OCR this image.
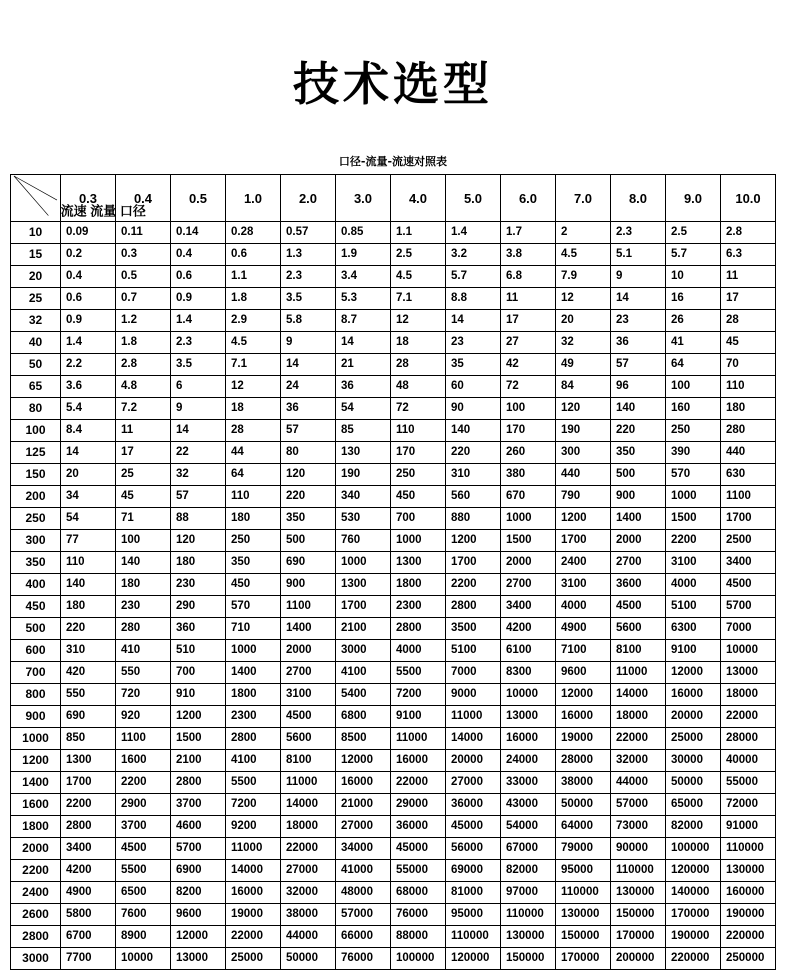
技术选型
口径-流量-流速对照表
流速 流量 口径	0.3	0.4	0.5	1.0	2.0	3.0	4.0	5.0	6.0	7.0	8.0	9.0	10.0
10	0.09	0.11	0.14	0.28	0.57	0.85	1.1	1.4	1.7	2	2.3	2.5	2.8
15	0.2	0.3	0.4	0.6	1.3	1.9	2.5	3.2	3.8	4.5	5.1	5.7	6.3
20	0.4	0.5	0.6	1.1	2.3	3.4	4.5	5.7	6.8	7.9	9	10	11
25	0.6	0.7	0.9	1.8	3.5	5.3	7.1	8.8	11	12	14	16	17
32	0.9	1.2	1.4	2.9	5.8	8.7	12	14	17	20	23	26	28
40	1.4	1.8	2.3	4.5	9	14	18	23	27	32	36	41	45
50	2.2	2.8	3.5	7.1	14	21	28	35	42	49	57	64	70
65	3.6	4.8	6	12	24	36	48	60	72	84	96	100	110
80	5.4	7.2	9	18	36	54	72	90	100	120	140	160	180
100	8.4	11	14	28	57	85	110	140	170	190	220	250	280
125	14	17	22	44	80	130	170	220	260	300	350	390	440
150	20	25	32	64	120	190	250	310	380	440	500	570	630
200	34	45	57	110	220	340	450	560	670	790	900	1000	1100
250	54	71	88	180	350	530	700	880	1000	1200	1400	1500	1700
300	77	100	120	250	500	760	1000	1200	1500	1700	2000	2200	2500
350	110	140	180	350	690	1000	1300	1700	2000	2400	2700	3100	3400
400	140	180	230	450	900	1300	1800	2200	2700	3100	3600	4000	4500
450	180	230	290	570	1100	1700	2300	2800	3400	4000	4500	5100	5700
500	220	280	360	710	1400	2100	2800	3500	4200	4900	5600	6300	7000
600	310	410	510	1000	2000	3000	4000	5100	6100	7100	8100	9100	10000
700	420	550	700	1400	2700	4100	5500	7000	8300	9600	11000	12000	13000
800	550	720	910	1800	3100	5400	7200	9000	10000	12000	14000	16000	18000
900	690	920	1200	2300	4500	6800	9100	11000	13000	16000	18000	20000	22000
1000	850	1100	1500	2800	5600	8500	11000	14000	16000	19000	22000	25000	28000
1200	1300	1600	2100	4100	8100	12000	16000	20000	24000	28000	32000	30000	40000
1400	1700	2200	2800	5500	11000	16000	22000	27000	33000	38000	44000	50000	55000
1600	2200	2900	3700	7200	14000	21000	29000	36000	43000	50000	57000	65000	72000
1800	2800	3700	4600	9200	18000	27000	36000	45000	54000	64000	73000	82000	91000
2000	3400	4500	5700	11000	22000	34000	45000	56000	67000	79000	90000	100000	110000
2200	4200	5500	6900	14000	27000	41000	55000	69000	82000	95000	110000	120000	130000
2400	4900	6500	8200	16000	32000	48000	68000	81000	97000	110000	130000	140000	160000
2600	5800	7600	9600	19000	38000	57000	76000	95000	110000	130000	150000	170000	190000
2800	6700	8900	12000	22000	44000	66000	88000	110000	130000	150000	170000	190000	220000
3000	7700	10000	13000	25000	50000	76000	100000	120000	150000	170000	200000	220000	250000
